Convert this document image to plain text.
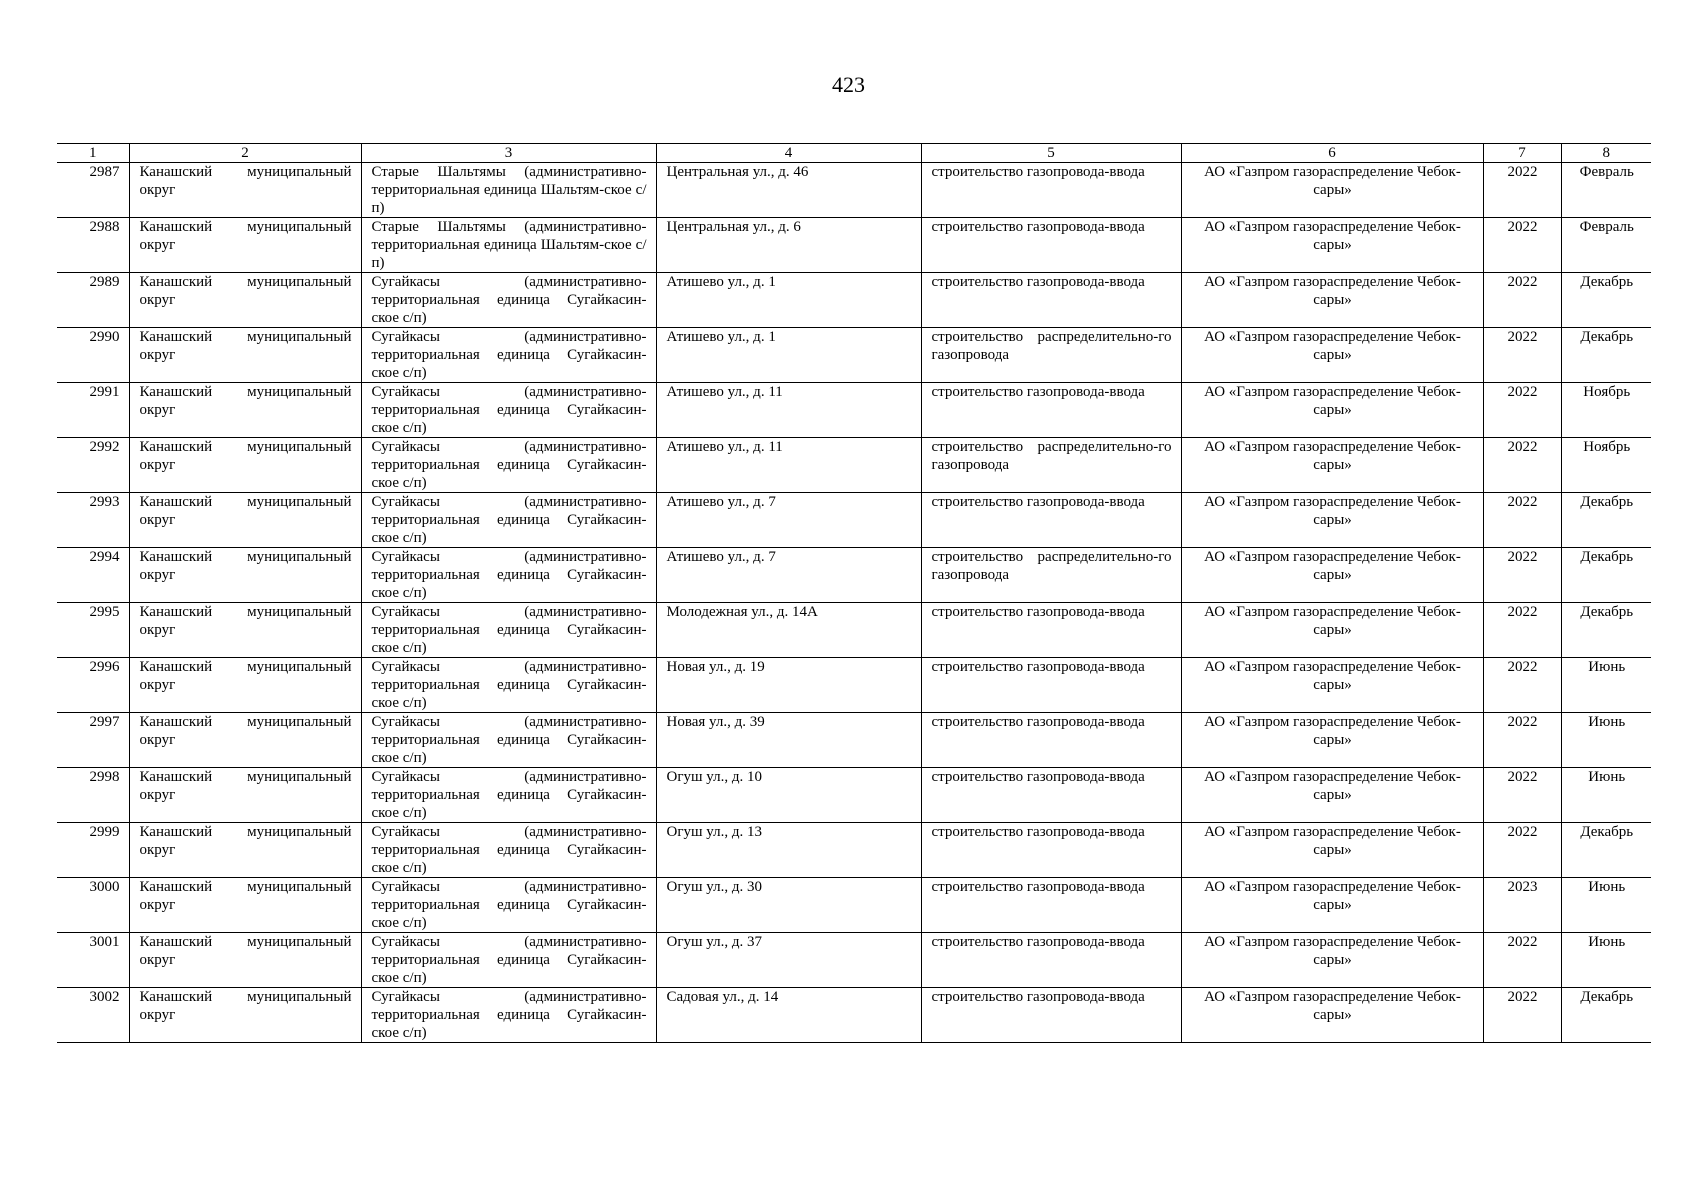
423
1	2	3	4	5	6	7	8
2987	Канашский муниципальный округ	Старые Шальтямы (административно-территориальная единица Шальтям-ское с/п)	Центральная ул., д. 46	строительство газопровода-ввода	АО «Газпром газораспределение Чебок-сары»	2022	Февраль
2988	Канашский муниципальный округ	Старые Шальтямы (административно-территориальная единица Шальтям-ское с/п)	Центральная ул., д. 6	строительство газопровода-ввода	АО «Газпром газораспределение Чебок-сары»	2022	Февраль
2989	Канашский муниципальный округ	Сугайкасы (административно-территориальная единица Сугайкасин-ское с/п)	Атишево ул., д. 1	строительство газопровода-ввода	АО «Газпром газораспределение Чебок-сары»	2022	Декабрь
2990	Канашский муниципальный округ	Сугайкасы (административно-территориальная единица Сугайкасин-ское с/п)	Атишево ул., д. 1	строительство распределительно-го газопровода	АО «Газпром газораспределение Чебок-сары»	2022	Декабрь
2991	Канашский муниципальный округ	Сугайкасы (административно-территориальная единица Сугайкасин-ское с/п)	Атишево ул., д. 11	строительство газопровода-ввода	АО «Газпром газораспределение Чебок-сары»	2022	Ноябрь
2992	Канашский муниципальный округ	Сугайкасы (административно-территориальная единица Сугайкасин-ское с/п)	Атишево ул., д. 11	строительство распределительно-го газопровода	АО «Газпром газораспределение Чебок-сары»	2022	Ноябрь
2993	Канашский муниципальный округ	Сугайкасы (административно-территориальная единица Сугайкасин-ское с/п)	Атишево ул., д. 7	строительство газопровода-ввода	АО «Газпром газораспределение Чебок-сары»	2022	Декабрь
2994	Канашский муниципальный округ	Сугайкасы (административно-территориальная единица Сугайкасин-ское с/п)	Атишево ул., д. 7	строительство распределительно-го газопровода	АО «Газпром газораспределение Чебок-сары»	2022	Декабрь
2995	Канашский муниципальный округ	Сугайкасы (административно-территориальная единица Сугайкасин-ское с/п)	Молодежная ул., д. 14А	строительство газопровода-ввода	АО «Газпром газораспределение Чебок-сары»	2022	Декабрь
2996	Канашский муниципальный округ	Сугайкасы (административно-территориальная единица Сугайкасин-ское с/п)	Новая ул., д. 19	строительство газопровода-ввода	АО «Газпром газораспределение Чебок-сары»	2022	Июнь
2997	Канашский муниципальный округ	Сугайкасы (административно-территориальная единица Сугайкасин-ское с/п)	Новая ул., д. 39	строительство газопровода-ввода	АО «Газпром газораспределение Чебок-сары»	2022	Июнь
2998	Канашский муниципальный округ	Сугайкасы (административно-территориальная единица Сугайкасин-ское с/п)	Огуш ул., д. 10	строительство газопровода-ввода	АО «Газпром газораспределение Чебок-сары»	2022	Июнь
2999	Канашский муниципальный округ	Сугайкасы (административно-территориальная единица Сугайкасин-ское с/п)	Огуш ул., д. 13	строительство газопровода-ввода	АО «Газпром газораспределение Чебок-сары»	2022	Декабрь
3000	Канашский муниципальный округ	Сугайкасы (административно-территориальная единица Сугайкасин-ское с/п)	Огуш ул., д. 30	строительство газопровода-ввода	АО «Газпром газораспределение Чебок-сары»	2023	Июнь
3001	Канашский муниципальный округ	Сугайкасы (административно-территориальная единица Сугайкасин-ское с/п)	Огуш ул., д. 37	строительство газопровода-ввода	АО «Газпром газораспределение Чебок-сары»	2022	Июнь
3002	Канашский муниципальный округ	Сугайкасы (административно-территориальная единица Сугайкасин-ское с/п)	Садовая ул., д. 14	строительство газопровода-ввода	АО «Газпром газораспределение Чебок-сары»	2022	Декабрь
